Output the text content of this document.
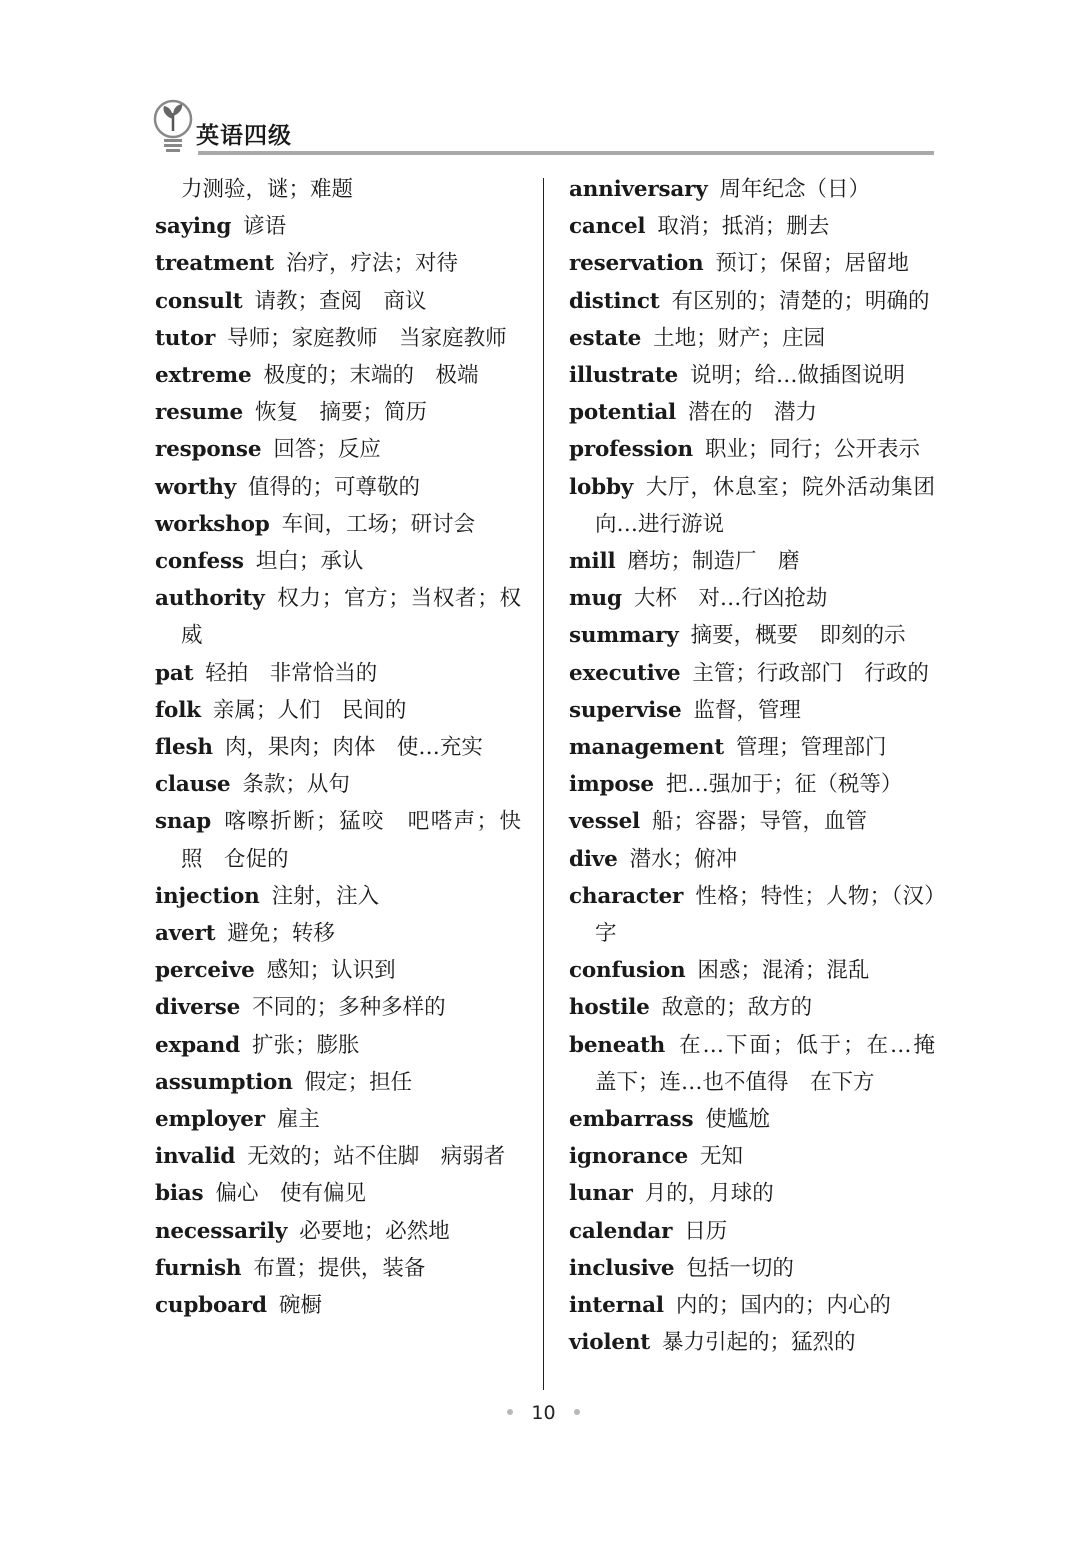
英语四级
力测验，谜；难题
saying 谚语
treatment 治疗，疗法；对待
consult 请教；查阅　商议
tutor 导师；家庭教师　当家庭教师
extreme 极度的；末端的　极端
resume 恢复　摘要；简历
response 回答；反应
worthy 值得的；可尊敬的
workshop 车间，工场；研讨会
confess 坦白；承认
authority 权力；官方；当权者；权威
pat 轻拍　非常恰当的
folk 亲属；人们　民间的
flesh 肉，果肉；肉体　使…充实
clause 条款；从句
snap 喀嚓折断；猛咬　吧嗒声；快照　仓促的
injection 注射，注入
avert 避免；转移
perceive 感知；认识到
diverse 不同的；多种多样的
expand 扩张；膨胀
assumption 假定；担任
employer 雇主
invalid 无效的；站不住脚　病弱者
bias 偏心　使有偏见
necessarily 必要地；必然地
furnish 布置；提供，装备
cupboard 碗橱
anniversary 周年纪念（日）
cancel 取消；抵消；删去
reservation 预订；保留；居留地
distinct 有区别的；清楚的；明确的
estate 土地；财产；庄园
illustrate 说明；给…做插图说明
potential 潜在的　潜力
profession 职业；同行；公开表示
lobby 大厅，休息室；院外活动集团　向…进行游说
mill 磨坊；制造厂　磨
mug 大杯　对…行凶抢劫
summary 摘要，概要　即刻的示
executive 主管；行政部门　行政的
supervise 监督，管理
management 管理；管理部门
impose 把…强加于；征（税等）
vessel 船；容器；导管，血管
dive 潜水；俯冲
character 性格；特性；人物；（汉）字
confusion 困惑；混淆；混乱
hostile 敌意的；敌方的
beneath 在…下面；低于；在…掩盖下；连…也不值得　在下方
embarrass 使尴尬
ignorance 无知
lunar 月的，月球的
calendar 日历
inclusive 包括一切的
internal 内的；国内的；内心的
violent 暴力引起的；猛烈的
10
